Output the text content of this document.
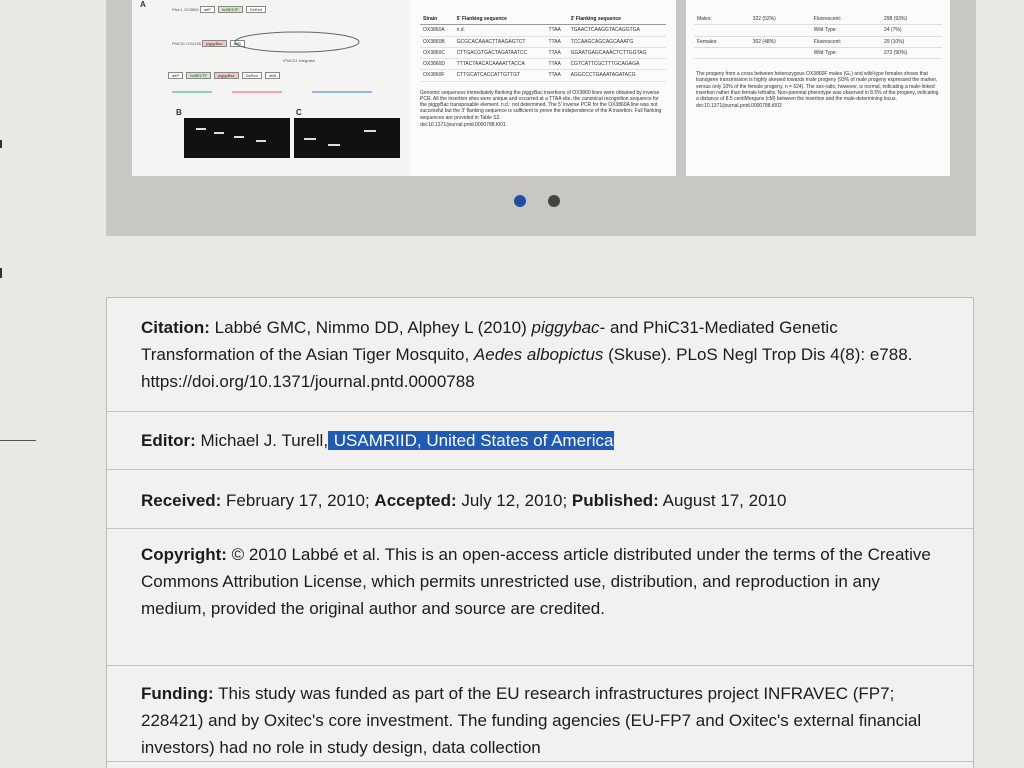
A
Piwi-1 OX3860 attP	hr5IE1TF	DsRed
PhiC31 OX4135 piggyBac	attB
+PhiC31 integrase
attP	hr5IE1TF	piggyBac	DsRed	attB
B	C
Strain	5' Flanking sequence		3' Flanking sequence
OX3860A	n.d.	TTAA	TGAACTCAAGGTACAGGTGA
OX3860B	GCGCACAAACTTAAGAGTCT	TTAA	TCCAAGCAGCAGCAAATG
OX3860C	CTTGACGTGACTAGATAATCC	TTAA	GGAATGAGCAAACTCTTGGTAG
OX3860D	TTTACTAACACAAAATTACCA	TTAA	CGTCATTCGCTTTGCAGAGA
OX3860F	CTTGCATCACCATTGTTGT	TTAA	AGGCCCTGAAATAGATACG

Genomic sequences immediately flanking the piggyBac insertions of OX3860 lines were obtained by inverse PCR. All the insertion sites were unique and occurred at a TTAA site, the canonical recognition sequence for the piggyBac transposable element. n.d.: not determined. The 5' inverse PCR for the OX3860A line was not successful but the 3' flanking sequence is sufficient to prove the independence of the A insertion. Full flanking sequences are provided in Table S2.

doi:10.1371/journal.pntd.0000788.t001

Males:	322 (52%)	Fluorescent:	298 (93%)
		Wild Type:	24 (7%)
Females:	302 (48%)	Fluorescent:	29 (10%)
		Wild Type:	273 (90%)

The progeny from a cross between heterozygous OX3860F males (G₀) and wild-type females shows that transgene transmission is highly skewed towards male progeny (93% of male progeny expressed the marker, versus only 10% of the female progeny, n = 624). The sex-ratio, however, is normal, indicating a male-linked insertion rather than female lethality. Non-parental phenotype was observed in 8.5% of the progeny, indicating a distance of 8.5 centiMorgans (cM) between the insertion and the male-determining locus.

doi:10.1371/journal.pntd.0000788.t002

Citation: Labbé GMC, Nimmo DD, Alphey L (2010) piggybac- and PhiC31-Mediated Genetic Transformation of the Asian Tiger Mosquito, Aedes albopictus (Skuse). PLoS Negl Trop Dis 4(8): e788. https://doi.org/10.1371/journal.pntd.0000788
Editor: Michael J. Turell, USAMRIID, United States of America
Received: February 17, 2010; Accepted: July 12, 2010; Published: August 17, 2010
Copyright: © 2010 Labbé et al. This is an open-access article distributed under the terms of the Creative Commons Attribution License, which permits unrestricted use, distribution, and reproduction in any medium, provided the original author and source are credited.
Funding: This study was funded as part of the EU research infrastructures project INFRAVEC (FP7; 228421) and by Oxitec's core investment. The funding agencies (EU-FP7 and Oxitec's external financial investors) had no role in study design, data collection
